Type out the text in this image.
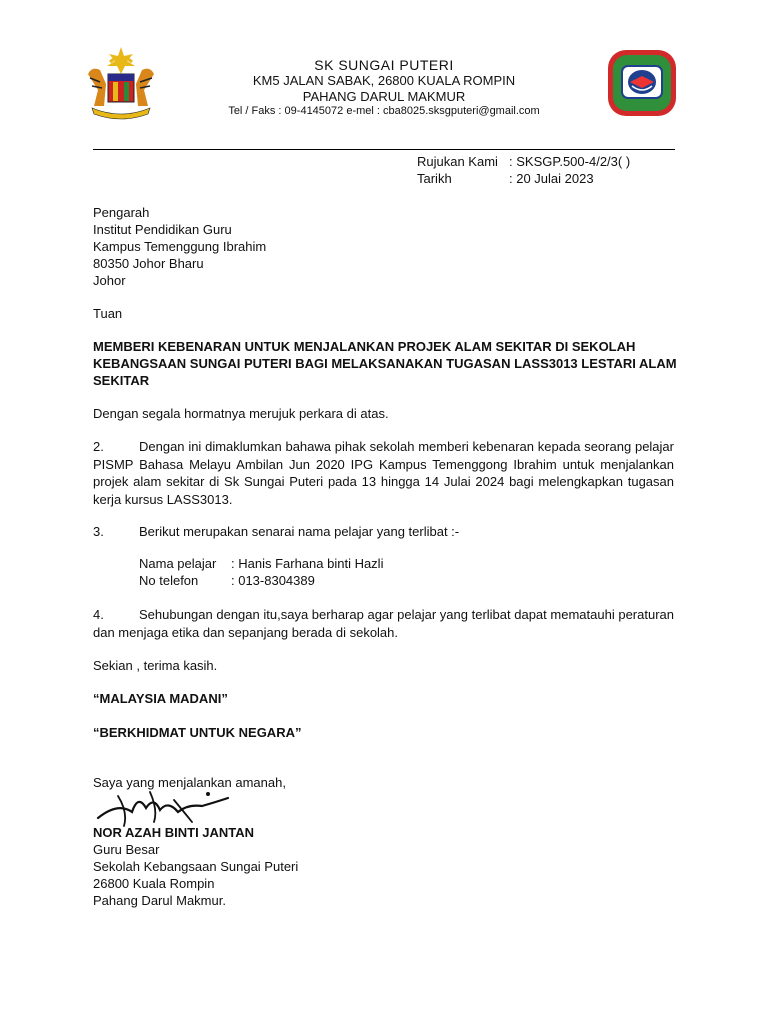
SK SUNGAI PUTERI
KM5 JALAN SABAK, 26800 KUALA ROMPIN
PAHANG DARUL MAKMUR
Tel / Faks : 09-4145072 e-mel : cba8025.sksgputeri@gmail.com
Rujukan Kami : SKSGP.500-4/2/3( )
Tarikh	: 20 Julai 2023
Pengarah
Institut Pendidikan Guru
Kampus Temenggung Ibrahim
80350 Johor Bharu
Johor
Tuan
MEMBERI KEBENARAN UNTUK MENJALANKAN PROJEK ALAM SEKITAR DI SEKOLAH
KEBANGSAAN SUNGAI PUTERI BAGI MELAKSANAKAN TUGASAN LASS3013 LESTARI ALAM
SEKITAR
Dengan segala hormatnya merujuk perkara di atas.
2.	Dengan ini dimaklumkan bahawa pihak sekolah memberi kebenaran kepada seorang pelajar PISMP Bahasa Melayu Ambilan Jun 2020 IPG Kampus Temenggong Ibrahim untuk menjalankan projek alam sekitar di Sk Sungai Puteri pada 13 hingga 14 Julai 2024 bagi melengkapkan tugasan kerja kursus LASS3013.
3.	Berikut merupakan senarai nama pelajar yang terlibat :-
Nama pelajar : Hanis Farhana binti Hazli
No telefon	: 013-8304389
4.	Sehubungan dengan itu,saya berharap agar pelajar yang terlibat dapat mematauhi peraturan dan menjaga etika dan sepanjang berada di sekolah.
Sekian , terima kasih.
“MALAYSIA MADANI”
“BERKHIDMAT UNTUK NEGARA”
Saya yang menjalankan amanah,
NOR AZAH BINTI JANTAN
Guru Besar
Sekolah Kebangsaan Sungai Puteri
26800 Kuala Rompin
Pahang Darul Makmur.
